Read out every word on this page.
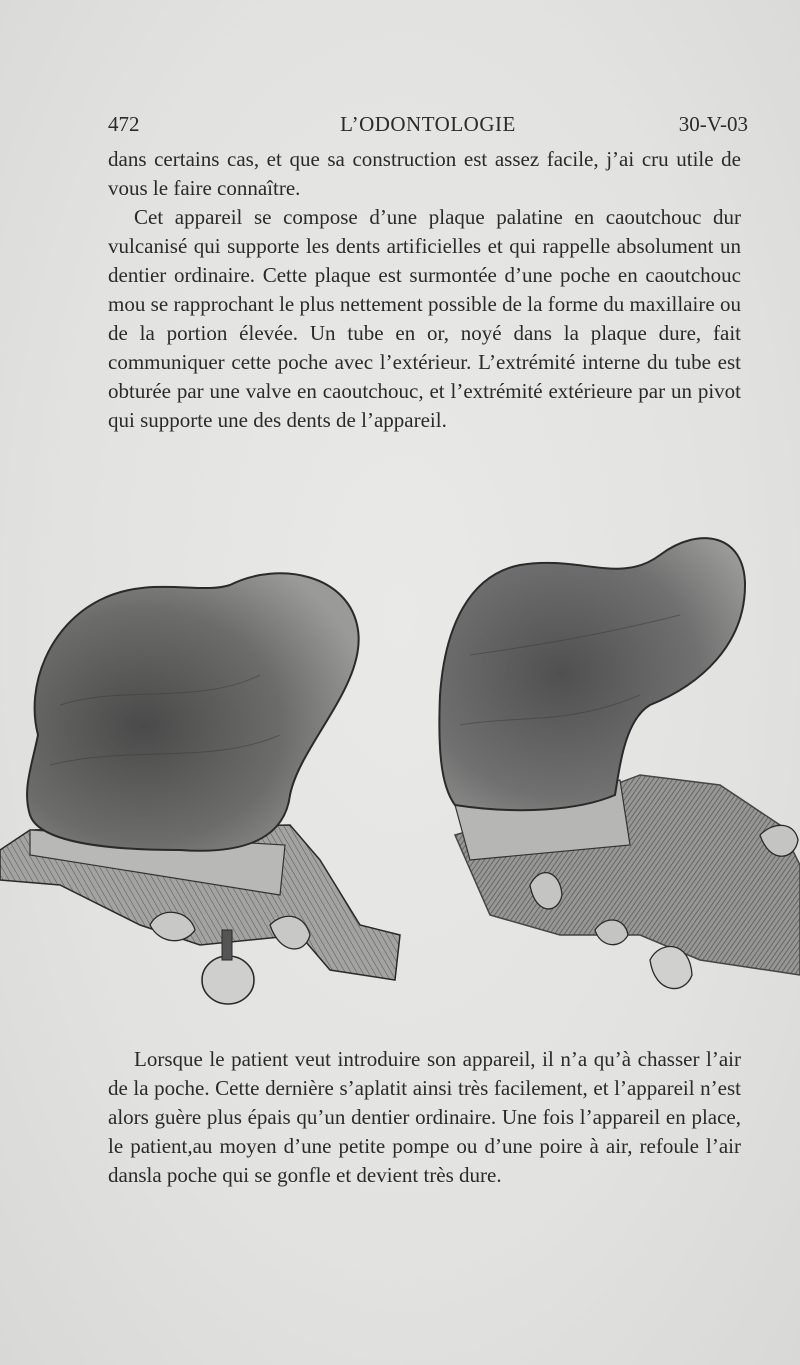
472	L’ODONTOLOGIE	30-V-03

dans certains cas, et que sa construction est assez facile, j’ai cru utile de vous le faire connaître.

Cet appareil se compose d’une plaque palatine en caoutchouc dur vulcanisé qui supporte les dents artificielles et qui rappelle absolument un dentier ordinaire. Cette plaque est surmontée d’une poche en caoutchouc mou se rapprochant le plus nettement possible de la forme du maxillaire ou de la portion élevée. Un tube en or, noyé dans la plaque dure, fait communiquer cette poche avec l’extérieur. L’extrémité interne du tube est obturée par une valve en caoutchouc, et l’extrémité extérieure par un pivot qui supporte une des dents de l’appareil.

Lorsque le patient veut introduire son appareil, il n’a qu’à chasser l’air de la poche. Cette dernière s’aplatit ainsi très facilement, et l’appareil n’est alors guère plus épais qu’un dentier ordinaire. Une fois l’appareil en place, le patient,au moyen d’une petite pompe ou d’une poire à air, refoule l’air dansla poche qui se gonfle et devient très dure.
